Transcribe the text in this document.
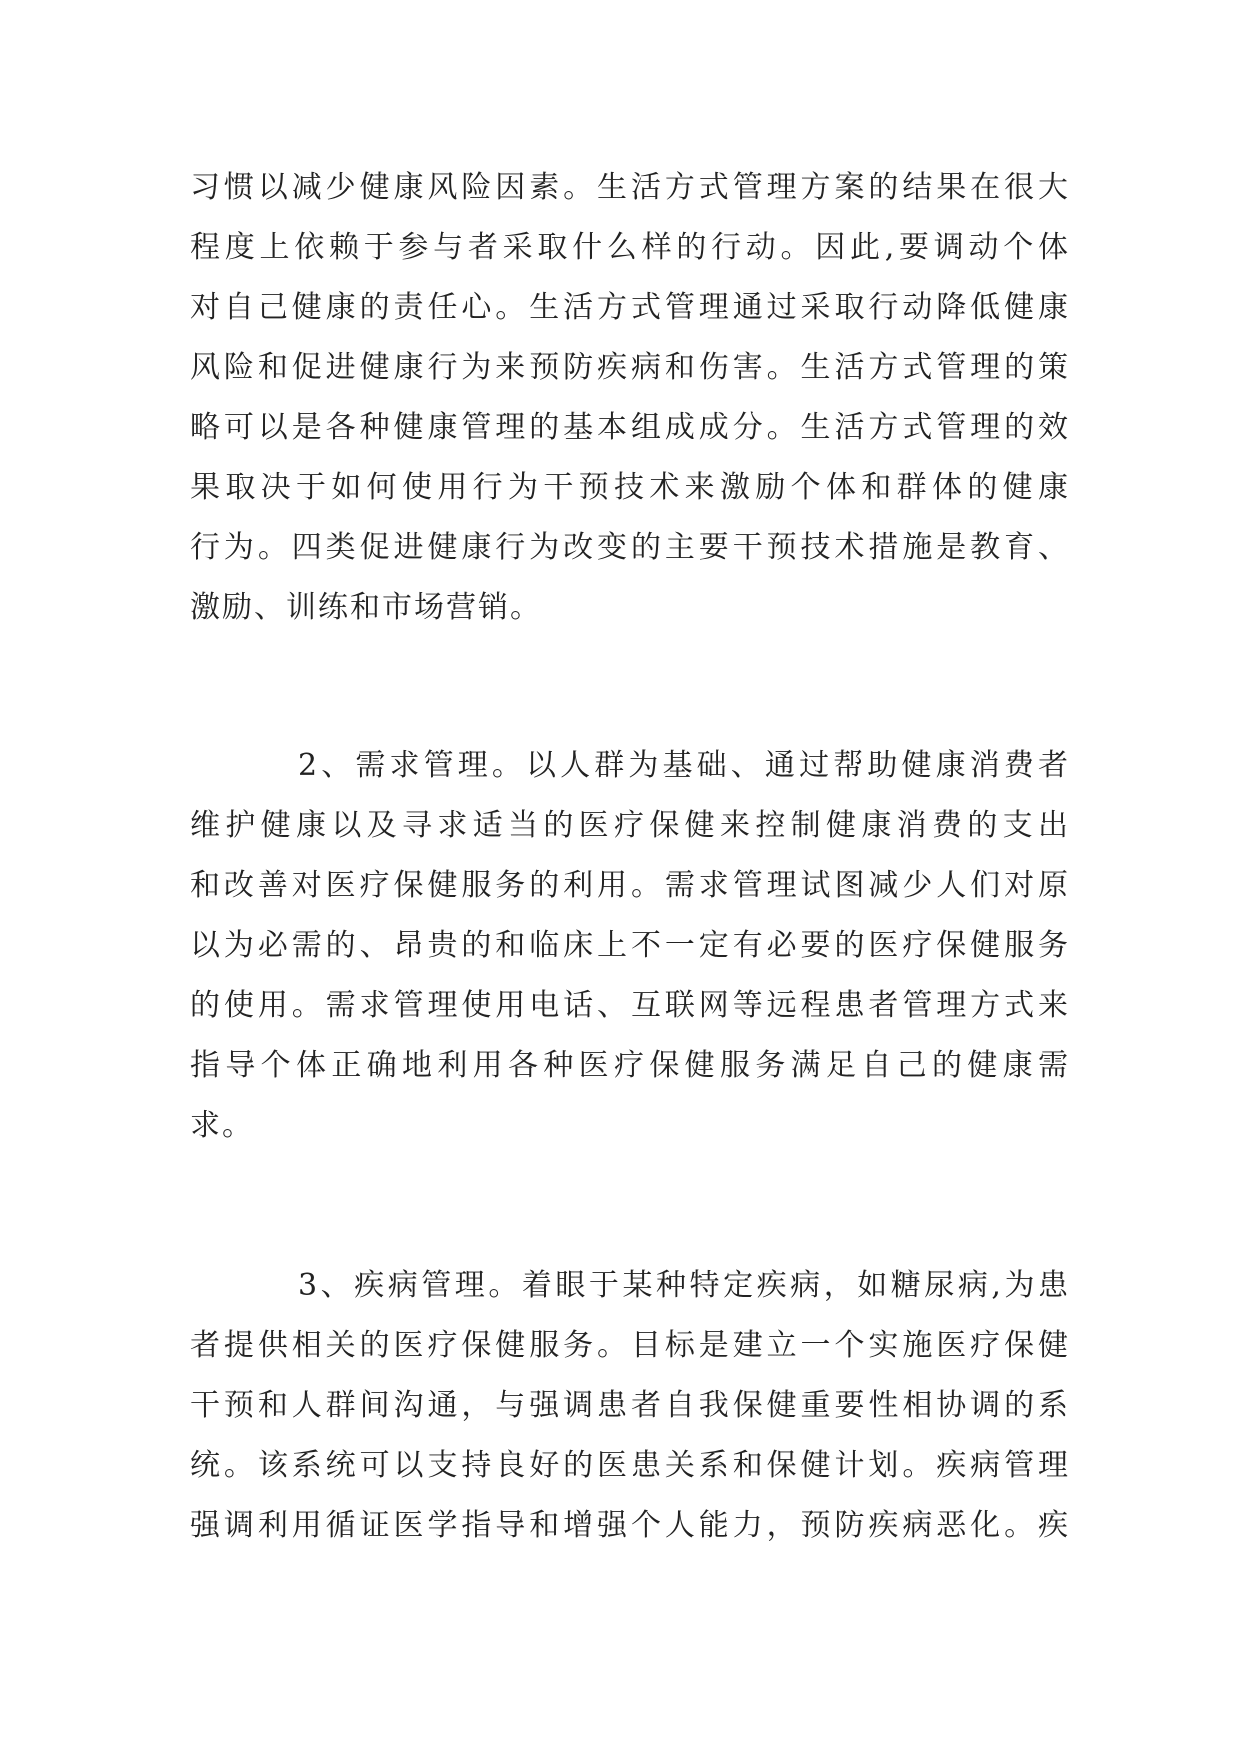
习惯以减少健康风险因素。生活方式管理方案的结果在很大
程度上依赖于参与者采取什么样的行动。因此,要调动个体
对自己健康的责任心。生活方式管理通过采取行动降低健康
风险和促进健康行为来预防疾病和伤害。生活方式管理的策
略可以是各种健康管理的基本组成成分。生活方式管理的效
果取决于如何使用行为干预技术来激励个体和群体的健康
行为。四类促进健康行为改变的主要干预技术措施是教育、
激励、训练和市场营销。
2、需求管理。以人群为基础、通过帮助健康消费者
维护健康以及寻求适当的医疗保健来控制健康消费的支出
和改善对医疗保健服务的利用。需求管理试图减少人们对原
以为必需的、昂贵的和临床上不一定有必要的医疗保健服务
的使用。需求管理使用电话、互联网等远程患者管理方式来
指导个体正确地利用各种医疗保健服务满足自己的健康需
求。
3、疾病管理。着眼于某种特定疾病，如糖尿病,为患
者提供相关的医疗保健服务。目标是建立一个实施医疗保健
干预和人群间沟通，与强调患者自我保健重要性相协调的系
统。该系统可以支持良好的医患关系和保健计划。疾病管理
强调利用循证医学指导和增强个人能力，预防疾病恶化。疾
